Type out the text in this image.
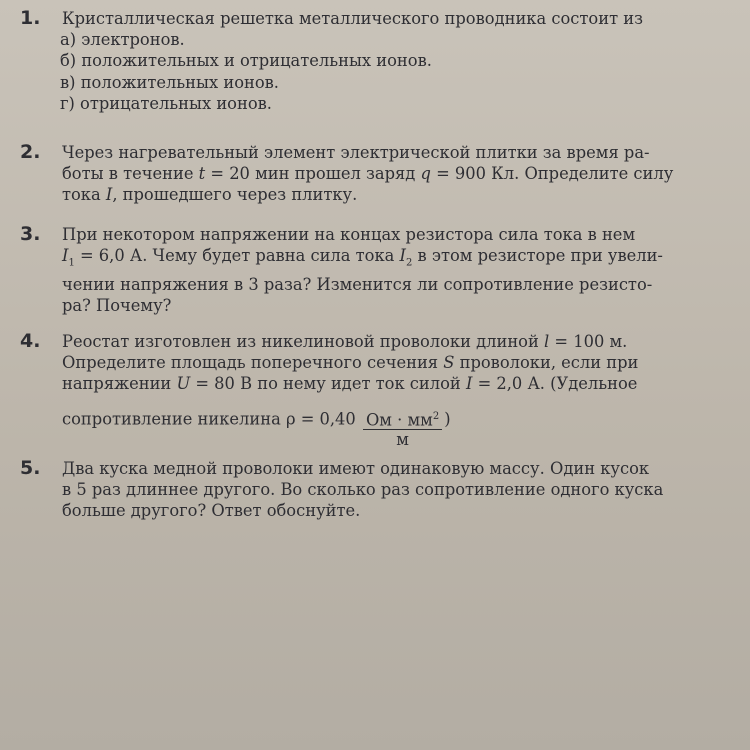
1. Кристаллическая решетка металлического проводника состоит из
а) электронов.
б) положительных и отрицательных ионов.
в) положительных ионов.
г) отрицательных ионов.
2. Через нагревательный элемент электрической плитки за время ра-
боты в течение t = 20 мин прошел заряд q = 900 Кл. Определите силу
тока I, прошедшего через плитку.
3. При некотором напряжении на концах резистора сила тока в нем
$I_1 = 6,0$ А. Чему будет равна сила тока $I_2$ в этом резисторе при увели-
чении напряжения в 3 раза? Изменится ли сопротивление резисто-
ра? Почему?
4. Реостат изготовлен из никелиновой проволоки длиной l = 100 м.
Определите площадь поперечного сечения S проволоки, если при
напряжении U = 80 В по нему идет ток силой I = 2,0 А. (Удельное
сопротивление никелина $\rho = 0,40 \frac{Ом \cdot мм^2}{м}$ )
5. Два куска медной проволоки имеют одинаковую массу. Один кусок
в 5 раз длиннее другого. Во сколько раз сопротивление одного куска
больше другого? Ответ обоснуйте.
